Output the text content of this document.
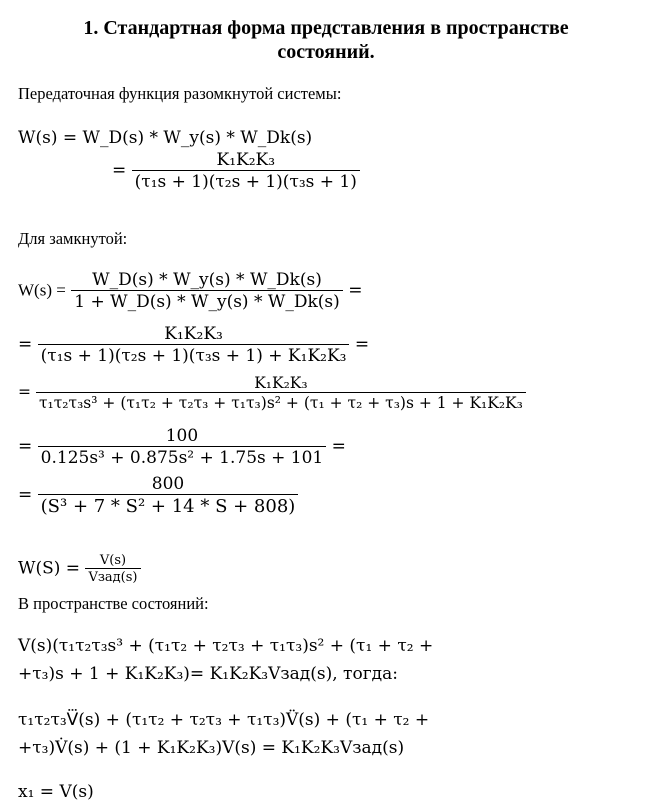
1. Стандартная форма представления в пространстве
состояний.
Передаточная функция разомкнутой системы:
W(s) = W_D(s) * W_y(s) * W_Dk(s)
= $\frac{\text{K₁K₂K₃}}{\text{(τ₁s + 1)(τ₂s + 1)(τ₃s + 1)}}$
Для замкнутой:
$W(s) = \frac{W\_D(s) * W\_y(s) * W\_Dk(s)}{1 + W\_D(s) * W\_y(s) * W\_Dk(s)}$ =
= $\frac{\text{K₁K₂K₃}}{\text{(τ₁s + 1)(τ₂s + 1)(τ₃s + 1) + K₁K₂K₃}}$ =
=	K₁K₂K₃
τ₁τ₂τ₃s³ + (τ₁τ₂ + τ₂τ₃ + τ₁τ₃)s² + (τ₁ + τ₂ + τ₃)s + 1 + K₁K₂K₃
= $\frac{100}{\text{0.125s³ + 0.875s² + 1.75s + 101}}$ =
= $\frac{800}{\text{(S³ + 7 * S² + 14 * S + 808)}}$
$W(S) = \frac{V(s)}{\text{Vзад(s)}}$
В пространстве состояний:
V(s)(τ₁τ₂τ₃s³ + (τ₁τ₂ + τ₂τ₃ + τ₁τ₃)s² + (τ₁ + τ₂ +
+τ₃)s + 1 + K₁K₂K₃)= K₁K₂K₃Vзад(s), тогда:
τ₁τ₂τ₃V⃛(s) + (τ₁τ₂ + τ₂τ₃ + τ₁τ₃)V̈(s) + (τ₁ + τ₂ +
+τ₃)V̇(s) + (1 + K₁K₂K₃)V(s) = K₁K₂K₃Vзад(s)
x₁ = V(s)
